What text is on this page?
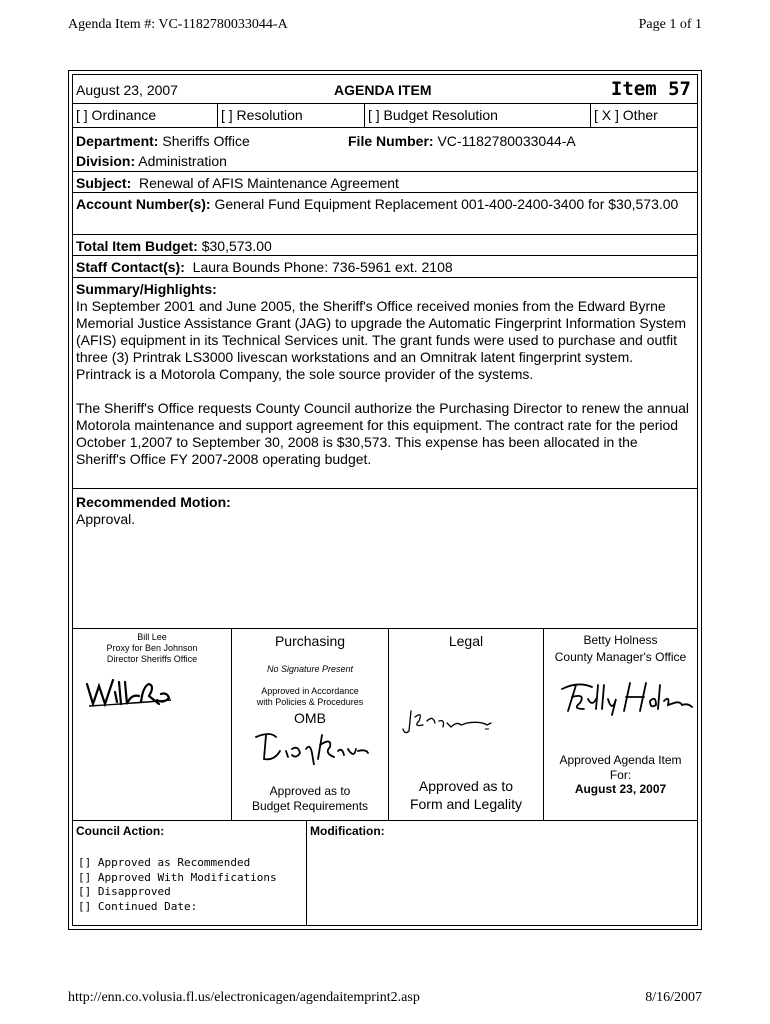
Agenda Item #: VC-1182780033044-A	Page 1 of 1
August 23, 2007	AGENDA ITEM	Item 57
[ ] Ordinance	[ ] Resolution	[ ] Budget Resolution	[ X ] Other
Department: Sheriffs Office	File Number: VC-1182780033044-A
Division: Administration
Subject: Renewal of AFIS Maintenance Agreement
Account Number(s): General Fund Equipment Replacement 001-400-2400-3400 for $30,573.00
Total Item Budget: $30,573.00
Staff Contact(s): Laura Bounds Phone: 736-5961 ext. 2108
Summary/Highlights:

In September 2001 and June 2005, the Sheriff's Office received monies from the Edward Byrne Memorial Justice Assistance Grant (JAG) to upgrade the Automatic Fingerprint Information System (AFIS) equipment in its Technical Services unit. The grant funds were used to purchase and outfit three (3) Printrak LS3000 livescan workstations and an Omnitrak latent fingerprint system. Printrack is a Motorola Company, the sole source provider of the systems.

The Sheriff's Office requests County Council authorize the Purchasing Director to renew the annual Motorola maintenance and support agreement for this equipment. The contract rate for the period October 1,2007 to September 30, 2008 is $30,573. This expense has been allocated in the Sheriff's Office FY 2007-2008 operating budget.

Recommended Motion:
Approval.
Bill Lee
Proxy for Ben Johnson
Director Sheriffs Office
Purchasing
No Signature Present
Approved in Accordance
with Policies & Procedures
OMB
Approved as to
Budget Requirements
Legal
Approved as to
Form and Legality
Betty Holness
County Manager's Office
Approved Agenda Item
For:
August 23, 2007
Council Action:
[] Approved as Recommended
[] Approved With Modifications
[] Disapproved
[] Continued Date:
Modification:
http://enn.co.volusia.fl.us/electronicagen/agendaitemprint2.asp	8/16/2007
